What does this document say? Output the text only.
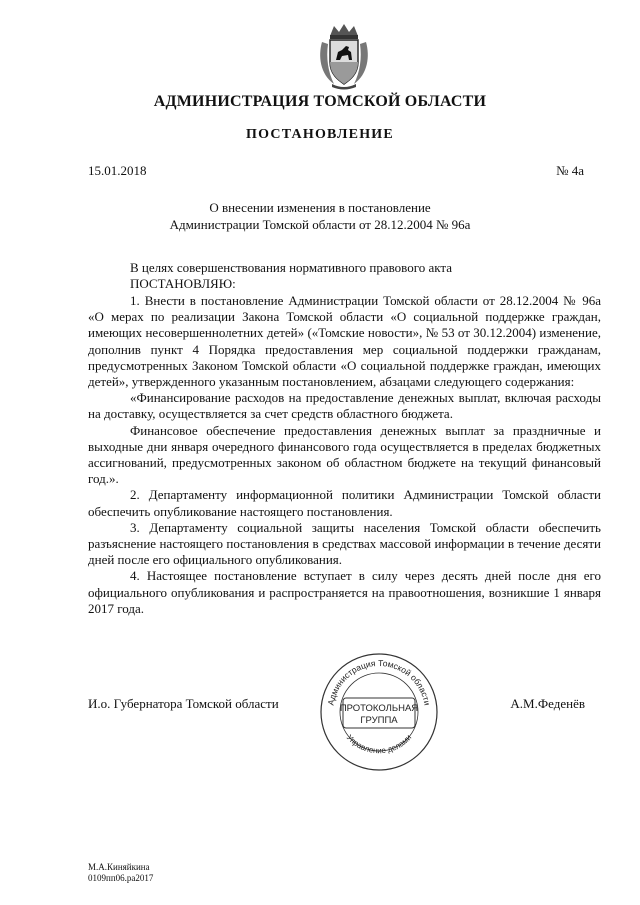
АДМИНИСТРАЦИЯ ТОМСКОЙ ОБЛАСТИ
ПОСТАНОВЛЕНИЕ
15.01.2018	№ 4а
О внесении изменения в постановление
Администрации Томской области от 28.12.2004 № 96а
В целях совершенствования нормативного правового акта
ПОСТАНОВЛЯЮ:

1. Внести в постановление Администрации Томской области от 28.12.2004 № 96а «О мерах по реализации Закона Томской области «О социальной поддержке граждан, имеющих несовершеннолетних детей» («Томские новости», № 53 от 30.12.2004) изменение, дополнив пункт 4 Порядка предоставления мер социальной поддержки гражданам, предусмотренных Законом Томской области «О социальной поддержке граждан, имеющих детей», утвержденного указанным постановлением, абзацами следующего содержания:

«Финансирование расходов на предоставление денежных выплат, включая расходы на доставку, осуществляется за счет средств областного бюджета.

Финансовое обеспечение предоставления денежных выплат за праздничные и выходные дни января очередного финансового года осуществляется в пределах бюджетных ассигнований, предусмотренных законом об областном бюджете на текущий финансовый год.».

2. Департаменту информационной политики Администрации Томской области обеспечить опубликование настоящего постановления.

3. Департаменту социальной защиты населения Томской области обеспечить разъяснение настоящего постановления в средствах массовой информации в течение десяти дней после его официального опубликования.

4. Настоящее постановление вступает в силу через десять дней после дня его официального опубликования и распространяется на правоотношения, возникшие 1 января 2017 года.

И.о. Губернатора Томской области	А.М.Феденёв
Администрация Томской области
Управление делами
ПРОТОКОЛЬНАЯ
ГРУППА
М.А.Киняйкина
0109пп06.ра2017
